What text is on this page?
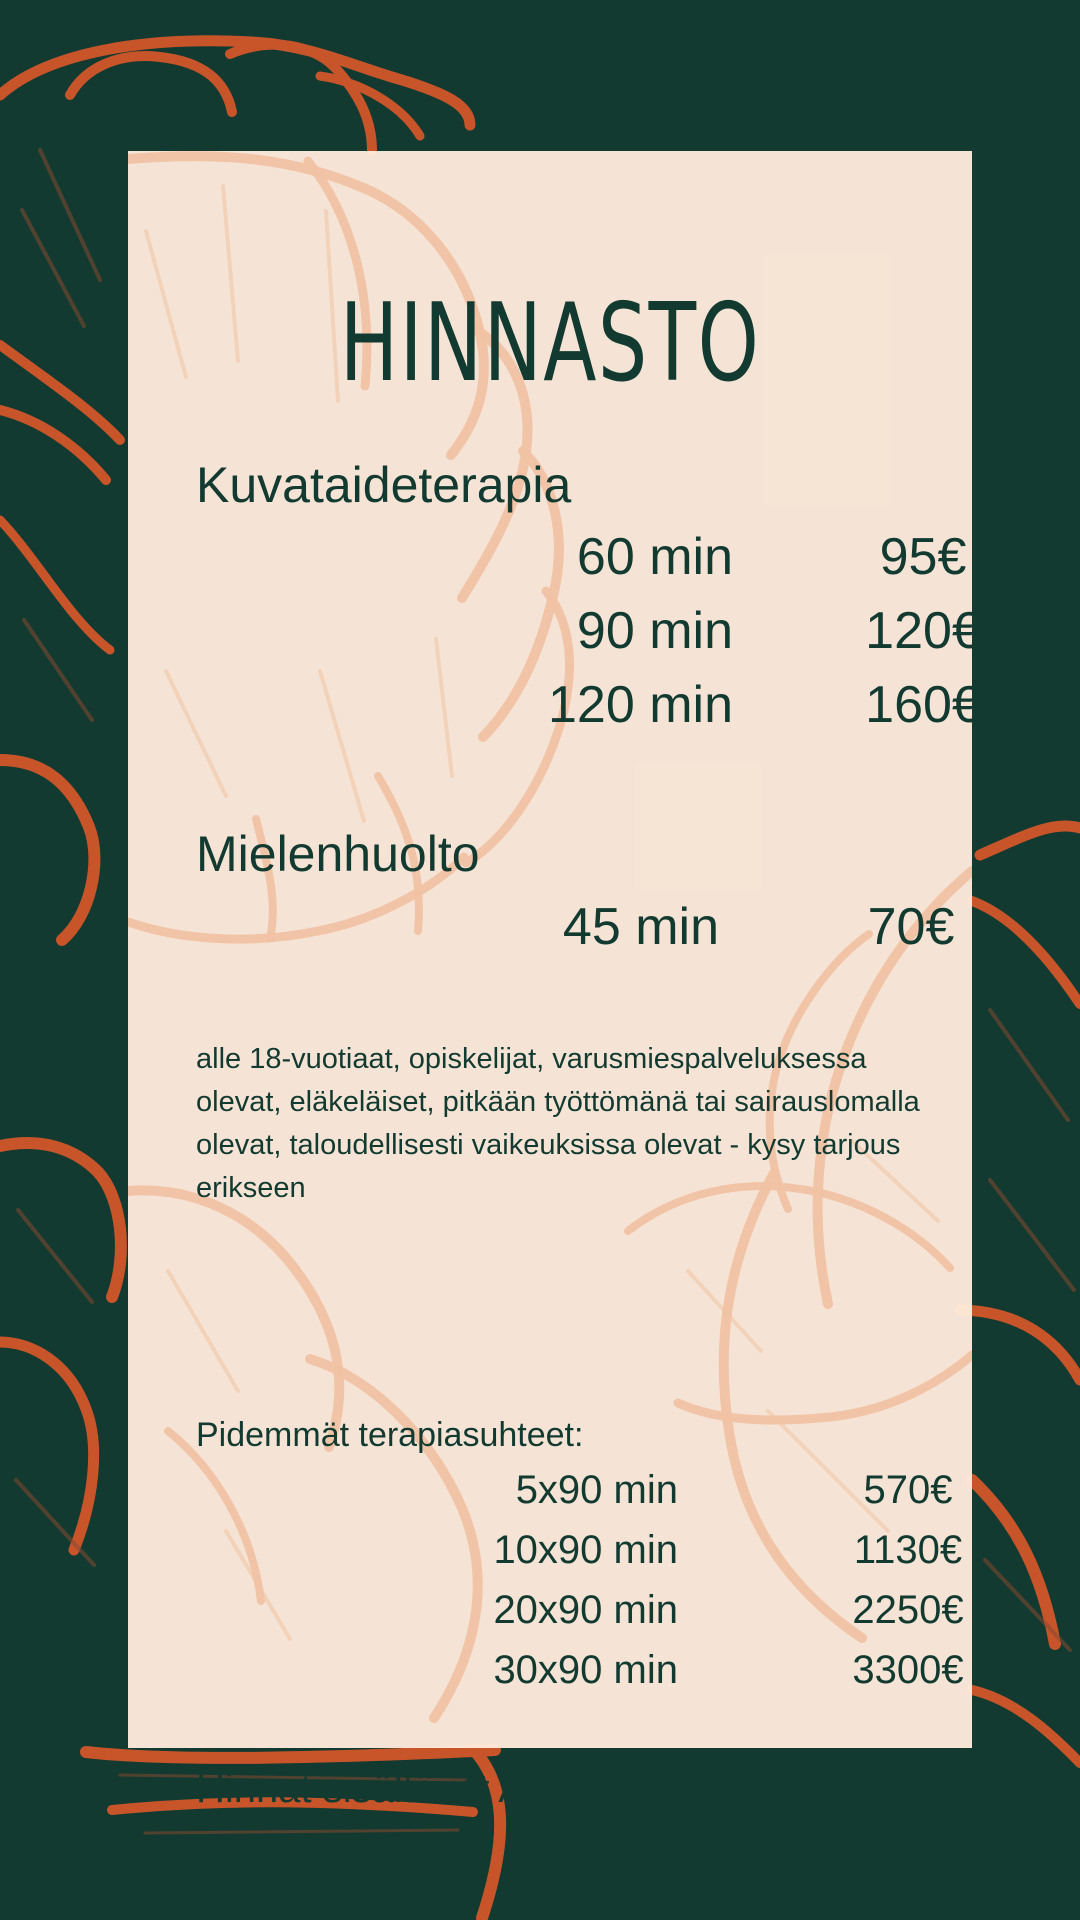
HINNASTO
Kuvataideterapia
60 min	95€
90 min	120€
120 min	160€
Mielenhuolto
45 min	70€
alle 18-vuotiaat, opiskelijat, varusmiespalveluksessa olevat, eläkeläiset, pitkään työttömänä tai sairauslomalla olevat, taloudellisesti vaikeuksissa olevat - kysy tarjous erikseen
Pidemmät terapiasuhteet:
5x90 min	570€
10x90 min	1130€
20x90 min	2250€
30x90 min	3300€
Hinnat sisältävät ALV 25,5%
